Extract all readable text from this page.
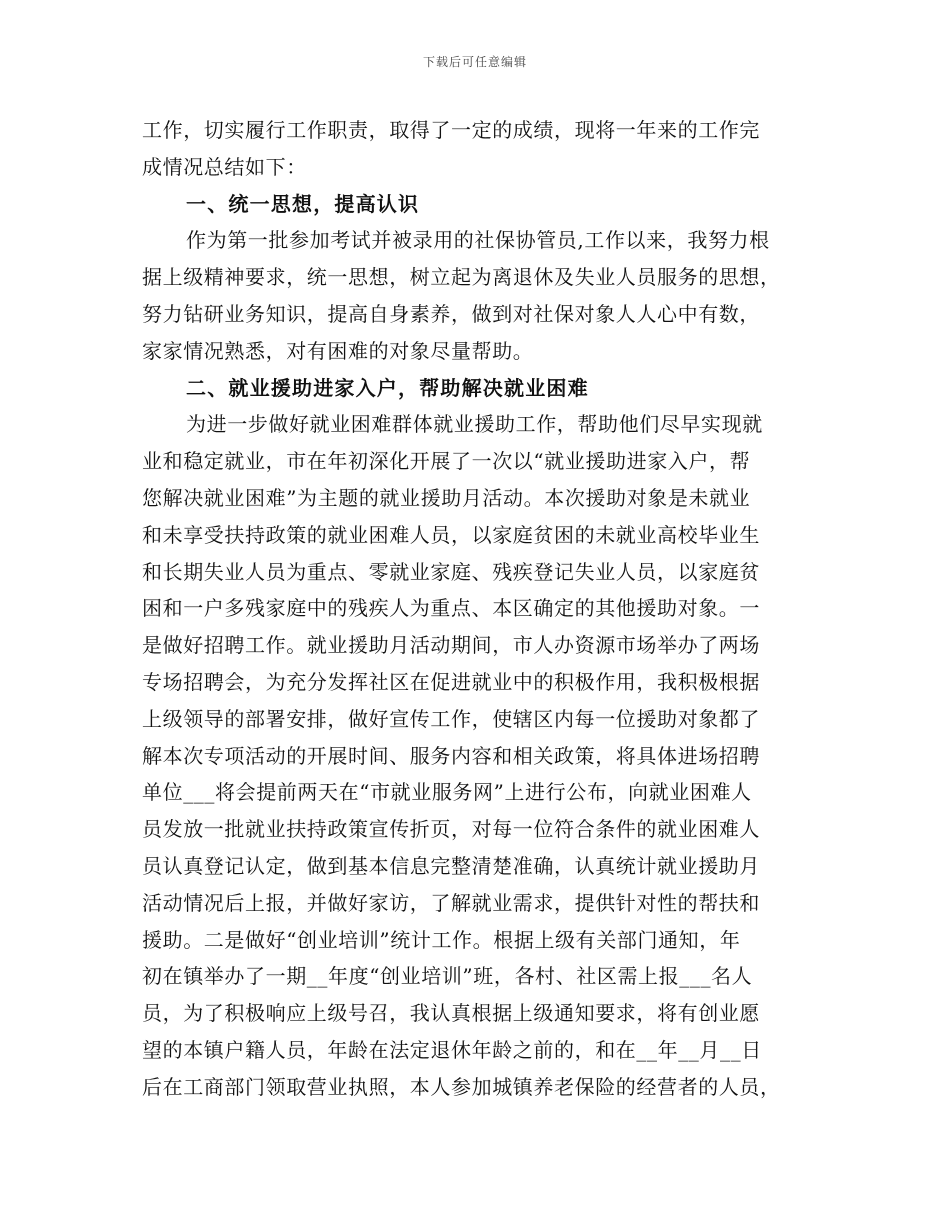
下载后可任意编辑
工作，切实履行工作职责，取得了一定的成绩，现将一年来的工作完
成情况总结如下：
一、统一思想，提高认识
作为第一批参加考试并被录用的社保协管员,工作以来，我努力根
据上级精神要求，统一思想，树立起为离退休及失业人员服务的思想，
努力钻研业务知识，提高自身素养，做到对社保对象人人心中有数，
家家情况熟悉，对有困难的对象尽量帮助。
二、就业援助进家入户，帮助解决就业困难
为进一步做好就业困难群体就业援助工作，帮助他们尽早实现就
业和稳定就业，市在年初深化开展了一次以“就业援助进家入户，帮
您解决就业困难”为主题的就业援助月活动。本次援助对象是未就业
和未享受扶持政策的就业困难人员，以家庭贫困的未就业高校毕业生
和长期失业人员为重点、零就业家庭、残疾登记失业人员，以家庭贫
困和一户多残家庭中的残疾人为重点、本区确定的其他援助对象。一
是做好招聘工作。就业援助月活动期间，市人办资源市场举办了两场
专场招聘会，为充分发挥社区在促进就业中的积极作用，我积极根据
上级领导的部署安排，做好宣传工作，使辖区内每一位援助对象都了
解本次专项活动的开展时间、服务内容和相关政策，将具体进场招聘
单位___将会提前两天在“市就业服务网”上进行公布，向就业困难人
员发放一批就业扶持政策宣传折页，对每一位符合条件的就业困难人
员认真登记认定，做到基本信息完整清楚准确，认真统计就业援助月
活动情况后上报，并做好家访，了解就业需求，提供针对性的帮扶和
援助。二是做好“创业培训”统计工作。根据上级有关部门通知，年
初在镇举办了一期__年度“创业培训”班，各村、社区需上报___名人
员，为了积极响应上级号召，我认真根据上级通知要求，将有创业愿
望的本镇户籍人员，年龄在法定退休年龄之前的，和在__年__月__日
后在工商部门领取营业执照，本人参加城镇养老保险的经营者的人员，
